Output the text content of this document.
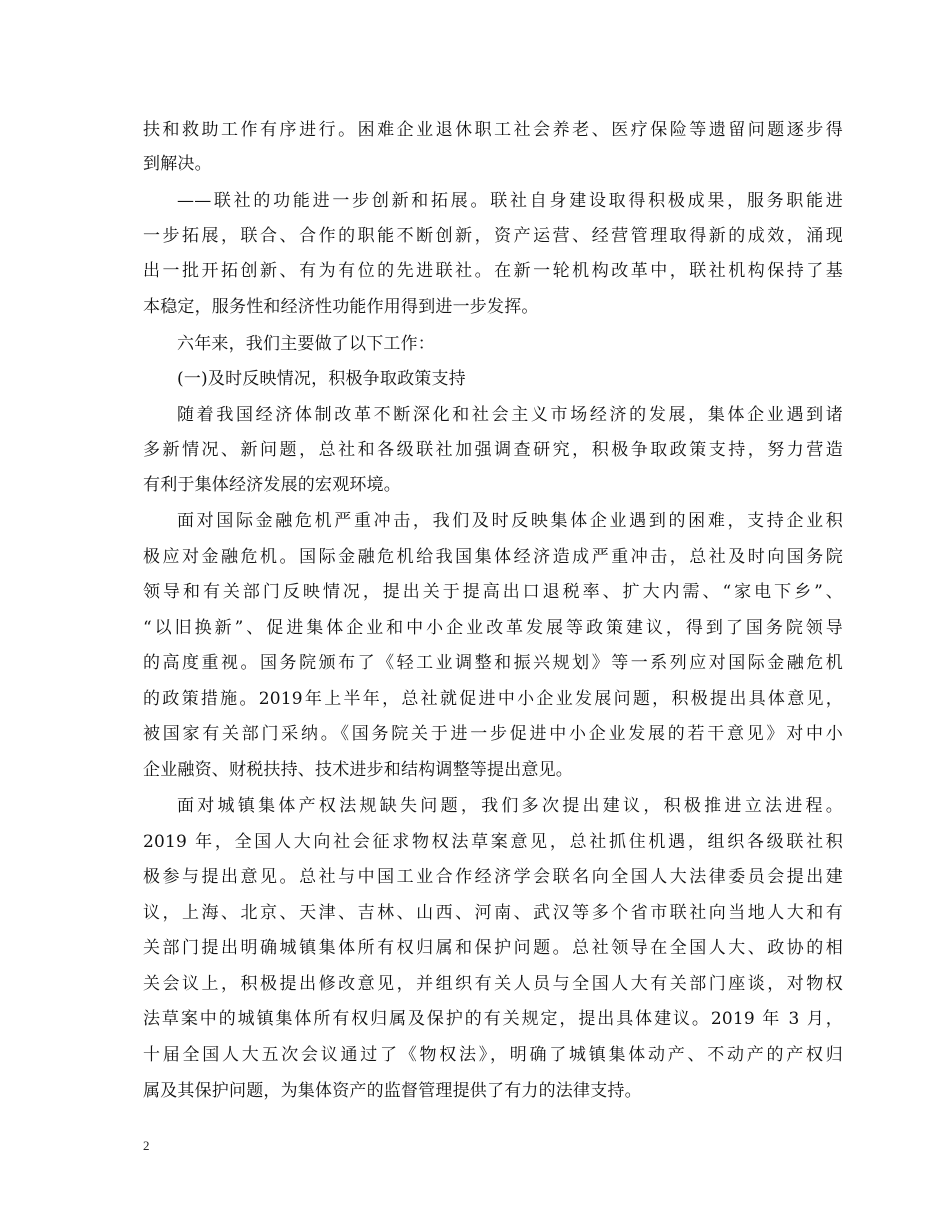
扶和救助工作有序进行。困难企业退休职工社会养老、医疗保险等遗留问题逐步得
到解决。
——联社的功能进一步创新和拓展。联社自身建设取得积极成果，服务职能进
一步拓展，联合、合作的职能不断创新，资产运营、经营管理取得新的成效，涌现
出一批开拓创新、有为有位的先进联社。在新一轮机构改革中，联社机构保持了基
本稳定，服务性和经济性功能作用得到进一步发挥。
六年来，我们主要做了以下工作：
(一)及时反映情况，积极争取政策支持
随着我国经济体制改革不断深化和社会主义市场经济的发展，集体企业遇到诸
多新情况、新问题，总社和各级联社加强调查研究，积极争取政策支持，努力营造
有利于集体经济发展的宏观环境。
面对国际金融危机严重冲击，我们及时反映集体企业遇到的困难，支持企业积
极应对金融危机。国际金融危机给我国集体经济造成严重冲击，总社及时向国务院
领导和有关部门反映情况，提出关于提高出口退税率、扩大内需、“家电下乡”、
“以旧换新”、促进集体企业和中小企业改革发展等政策建议，得到了国务院领导
的高度重视。国务院颁布了《轻工业调整和振兴规划》等一系列应对国际金融危机
的政策措施。2019年上半年，总社就促进中小企业发展问题，积极提出具体意见，
被国家有关部门采纳。《国务院关于进一步促进中小企业发展的若干意见》对中小
企业融资、财税扶持、技术进步和结构调整等提出意见。
面对城镇集体产权法规缺失问题，我们多次提出建议，积极推进立法进程。
2019 年，全国人大向社会征求物权法草案意见，总社抓住机遇，组织各级联社积
极参与提出意见。总社与中国工业合作经济学会联名向全国人大法律委员会提出建
议，上海、北京、天津、吉林、山西、河南、武汉等多个省市联社向当地人大和有
关部门提出明确城镇集体所有权归属和保护问题。总社领导在全国人大、政协的相
关会议上，积极提出修改意见，并组织有关人员与全国人大有关部门座谈，对物权
法草案中的城镇集体所有权归属及保护的有关规定，提出具体建议。2019 年 3 月，
十届全国人大五次会议通过了《物权法》，明确了城镇集体动产、不动产的产权归
属及其保护问题，为集体资产的监督管理提供了有力的法律支持。
2
